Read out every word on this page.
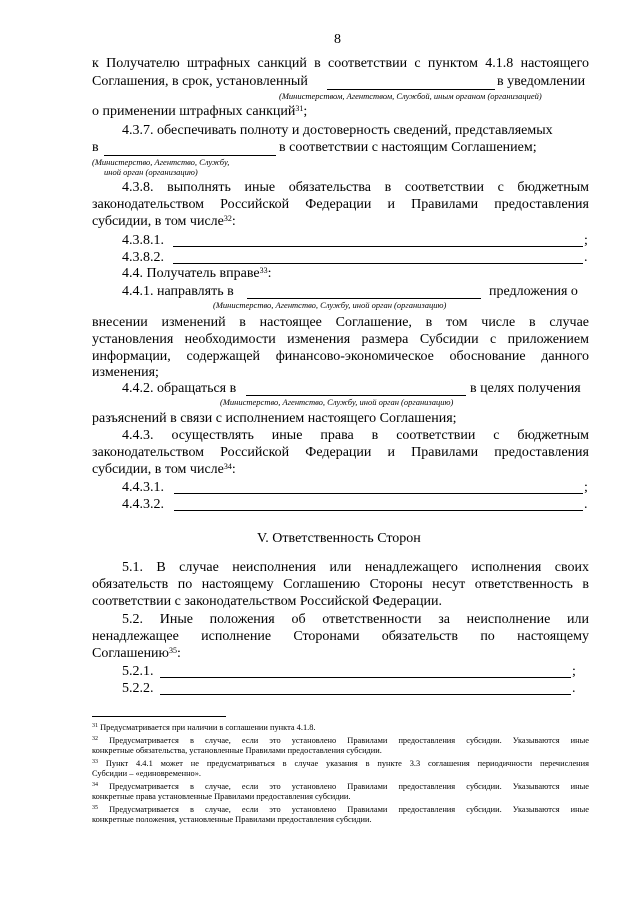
8
к Получателю штрафных санкций в соответствии с пунктом 4.1.8 настоящего
Соглашения, в срок, установленный	в уведомлении
(Министерством, Агентством, Службой, иным органом (организацией)
о применении штрафных санкций$^{31}$;
4.3.7. обеспечивать полноту и достоверность сведений, представляемых
в	в соответствии с настоящим Соглашением;
(Министерство, Агентство, Службу,
иной орган (организацию)
4.3.8. выполнять иные обязательства в соответствии с бюджетным
законодательством Российской Федерации и Правилами предоставления
субсидии, в том числе$^{32}$:
4.3.8.1.	;
4.3.8.2.	.
4.4. Получатель вправе$^{33}$:
4.4.1. направлять в	предложения о
(Министерство, Агентство, Службу, иной орган (организацию)
внесении изменений в настоящее Соглашение, в том числе в случае
установления необходимости изменения размера Субсидии с приложением
информации, содержащей финансово-экономическое обоснование данного
изменения;
4.4.2. обращаться в	в целях получения
(Министерство, Агентство, Службу, иной орган (организацию)
разъяснений в связи с исполнением настоящего Соглашения;
4.4.3. осуществлять иные права в соответствии с бюджетным
законодательством Российской Федерации и Правилами предоставления
субсидии, в том числе$^{34}$:
4.4.3.1.	;
4.4.3.2.	.
V. Ответственность Сторон
5.1. В случае неисполнения или ненадлежащего исполнения своих
обязательств по настоящему Соглашению Стороны несут ответственность в
соответствии с законодательством Российской Федерации.
5.2. Иные положения об ответственности за неисполнение или
ненадлежащее исполнение Сторонами обязательств по настоящему
Соглашению$^{35}$:
5.2.1.	;
5.2.2.	.
$^{31}$ Предусматривается при наличии в соглашении пункта 4.1.8.
$^{32}$ Предусматривается в случае, если это установлено Правилами предоставления субсидии. Указываются иные
конкретные обязательства, установленные Правилами предоставления субсидии.
$^{33}$ Пункт 4.4.1 может не предусматриваться в случае указания в пункте 3.3 соглашения периодичности перечисления
Субсидии – «единовременно».
$^{34}$ Предусматривается в случае, если это установлено Правилами предоставления субсидии. Указываются иные
конкретные права установленные Правилами предоставления субсидии.
$^{35}$ Предусматривается в случае, если это установлено Правилами предоставления субсидии. Указываются иные
конкретные положения, установленные Правилами предоставления субсидии.
